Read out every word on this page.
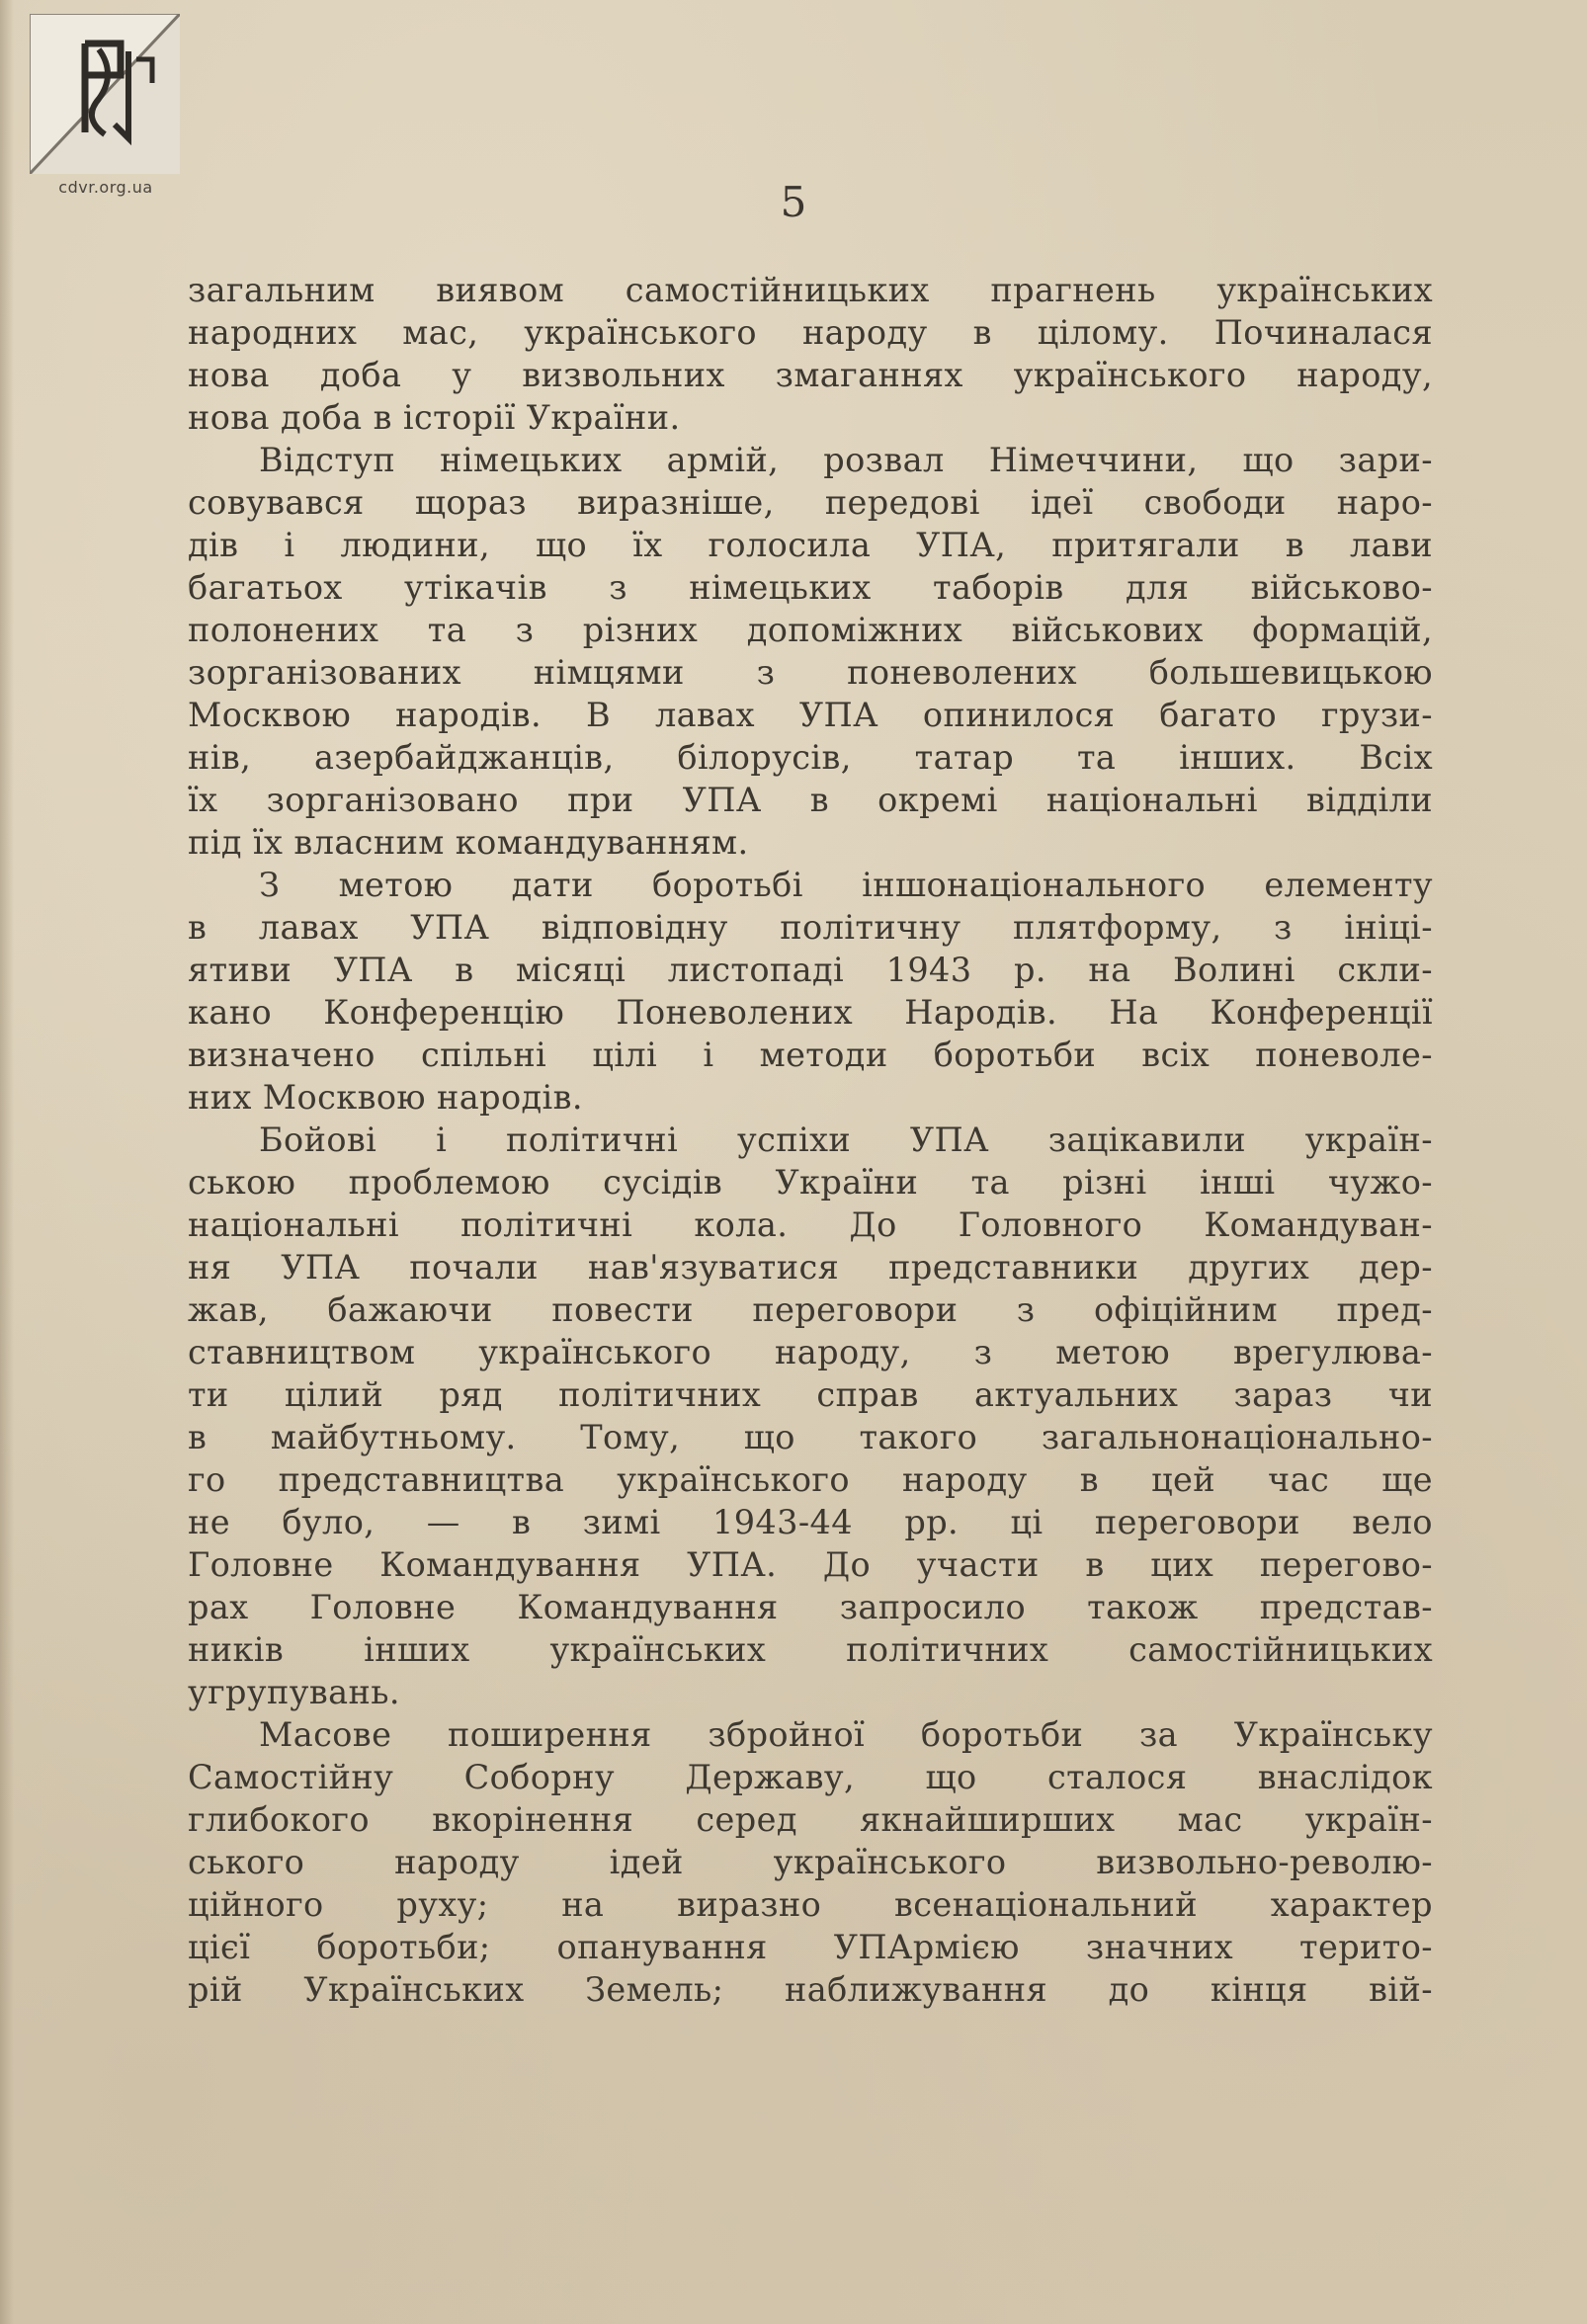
cdvr.org.ua	5
загальним виявом самостійницьких прагнень українських
народних мас, українського народу в цілому. Починалася
нова доба у визвольних змаганнях українського народу,
нова доба в історії України.
Відступ німецьких армій, розвал Німеччини, що зари-
совувався щораз виразніше, передові ідеї свободи наро-
дів і людини, що їх голосила УПА, притягали в лави
багатьох утікачів з німецьких таборів для військово-
полонених та з різних допоміжних військових формацій,
зорганізованих німцями з поневолених большевицькою
Москвою народів. В лавах УПА опинилося багато грузи-
нів, азербайджанців, білорусів, татар та інших. Всіх
їх зорганізовано при УПА в окремі національні відділи
під їх власним командуванням.
З метою дати боротьбі іншонаціонального елементу
в лавах УПА відповідну політичну плятформу, з ініці-
ятиви УПА в місяці листопаді 1943 р. на Волині скли-
кано Конференцію Поневолених Народів. На Конференції
визначено спільні цілі і методи боротьби всіх поневоле-
них Москвою народів.
Бойові і політичні успіхи УПА зацікавили україн-
ською проблемою сусідів України та різні інші чужо-
національні політичні кола. До Головного Командуван-
ня УПА почали нав'язуватися представники других дер-
жав, бажаючи повести переговори з офіційним пред-
ставництвом українського народу, з метою врегулюва-
ти цілий ряд політичних справ актуальних зараз чи
в майбутньому. Тому, що такого загальнонаціонально-
го представництва українського народу в цей час ще
не було, — в зимі 1943-44 рр. ці переговори вело
Головне Командування УПА. До участи в цих перегово-
рах Головне Командування запросило також представ-
ників інших українських політичних самостійницьких
угрупувань.
Масове поширення збройної боротьби за Українську
Самостійну Соборну Державу, що сталося внаслідок
глибокого вкорінення серед якнайширших мас україн-
ського народу ідей українського визвольно-револю-
ційного руху; на виразно всенаціональний характер
цієї боротьби; опанування УПАрмією значних терито-
рій Українських Земель; наближування до кінця вій-
